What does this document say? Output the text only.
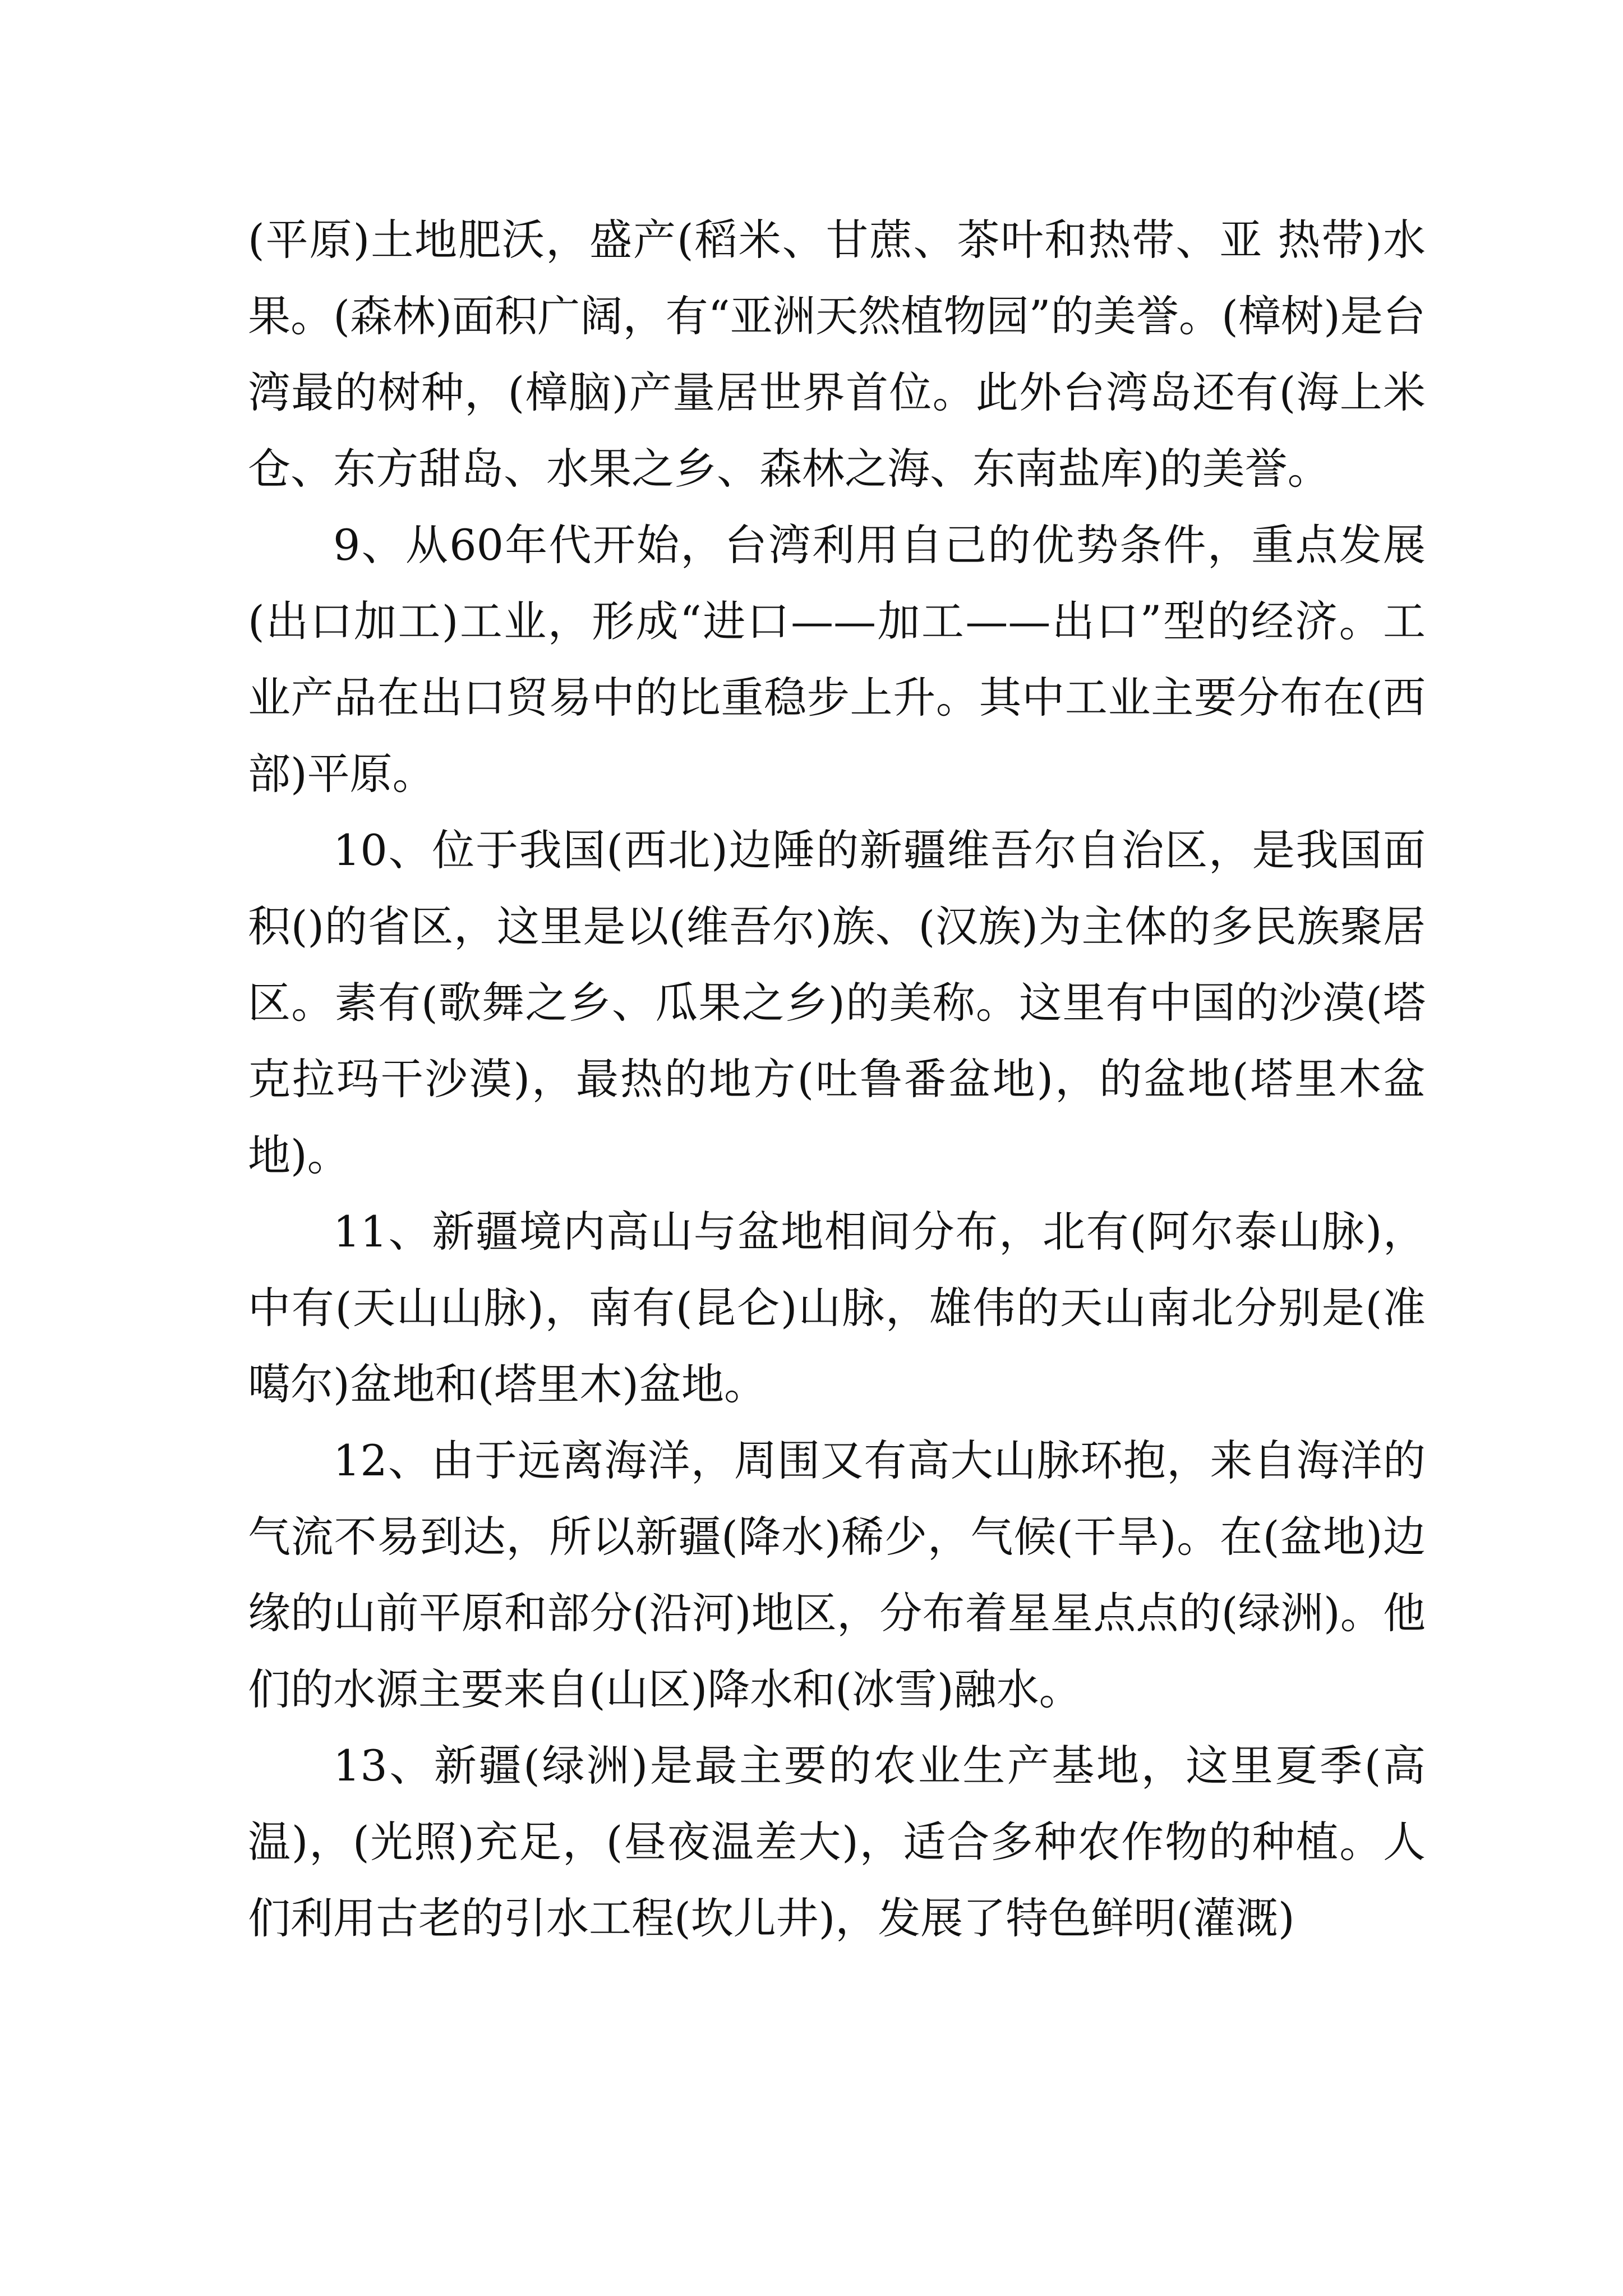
(平原)土地肥沃，盛产(稻米、甘蔗、茶叶和热带、亚 热带)水果。(森林)面积广阔，有“亚洲天然植物园”的美誉。(樟树)是台湾最的树种，(樟脑)产量居世界首位。此外台湾岛还有(海上米仓、东方甜岛、水果之乡、森林之海、东南盐库)的美誉。

9、从60年代开始，台湾利用自己的优势条件，重点发展(出口加工)工业，形成“进口——加工——出口”型的经济。工业产品在出口贸易中的比重稳步上升。其中工业主要分布在(西部)平原。

10、位于我国(西北)边陲的新疆维吾尔自治区，是我国面积()的省区，这里是以(维吾尔)族、(汉族)为主体的多民族聚居区。素有(歌舞之乡、瓜果之乡)的美称。这里有中国的沙漠(塔克拉玛干沙漠)，最热的地方(吐鲁番盆地)，的盆地(塔里木盆地)。

11、新疆境内高山与盆地相间分布，北有(阿尔泰山脉)，中有(天山山脉)，南有(昆仑)山脉，雄伟的天山南北分别是(准噶尔)盆地和(塔里木)盆地。

12、由于远离海洋，周围又有高大山脉环抱，来自海洋的气流不易到达，所以新疆(降水)稀少，气候(干旱)。在(盆地)边缘的山前平原和部分(沿河)地区，分布着星星点点的(绿洲)。他们的水源主要来自(山区)降水和(冰雪)融水。

13、新疆(绿洲)是最主要的农业生产基地，这里夏季(高温)，(光照)充足，(昼夜温差大)，适合多种农作物的种植。人们利用古老的引水工程(坎儿井)，发展了特色鲜明(灌溉)
